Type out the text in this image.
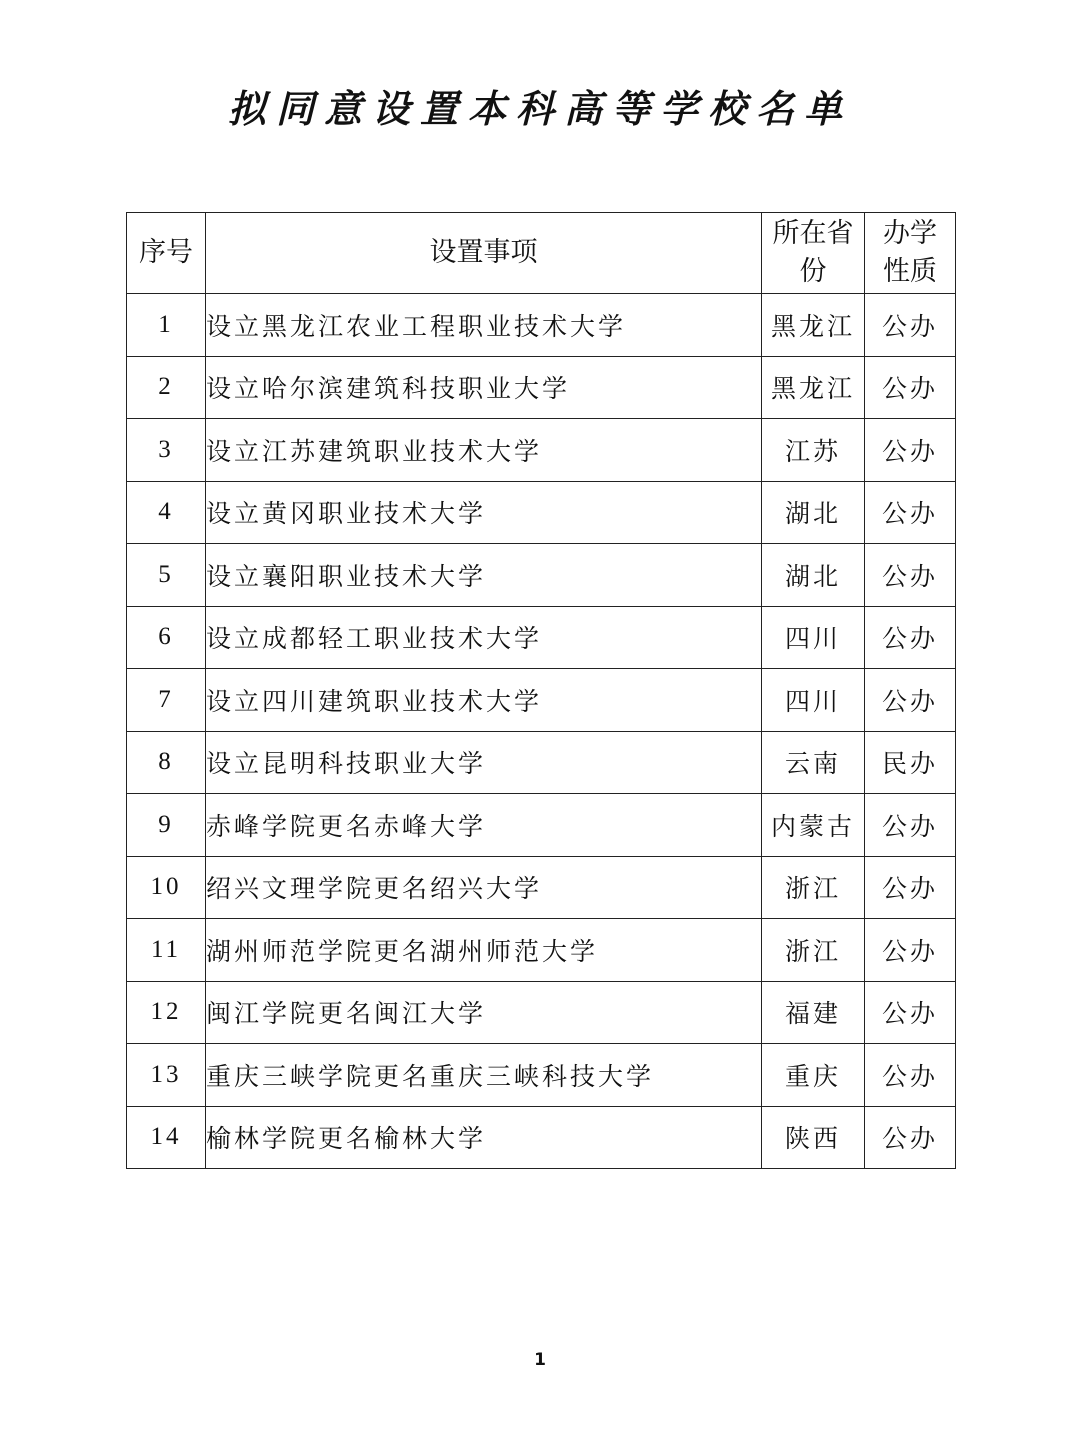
拟同意设置本科高等学校名单
序号	设置事项	所在省份	办学性质
1	设立黑龙江农业工程职业技术大学	黑龙江	公办
2	设立哈尔滨建筑科技职业大学	黑龙江	公办
3	设立江苏建筑职业技术大学	江苏	公办
4	设立黄冈职业技术大学	湖北	公办
5	设立襄阳职业技术大学	湖北	公办
6	设立成都轻工职业技术大学	四川	公办
7	设立四川建筑职业技术大学	四川	公办
8	设立昆明科技职业大学	云南	民办
9	赤峰学院更名赤峰大学	内蒙古	公办
10	绍兴文理学院更名绍兴大学	浙江	公办
11	湖州师范学院更名湖州师范大学	浙江	公办
12	闽江学院更名闽江大学	福建	公办
13	重庆三峡学院更名重庆三峡科技大学	重庆	公办
14	榆林学院更名榆林大学	陕西	公办
1
